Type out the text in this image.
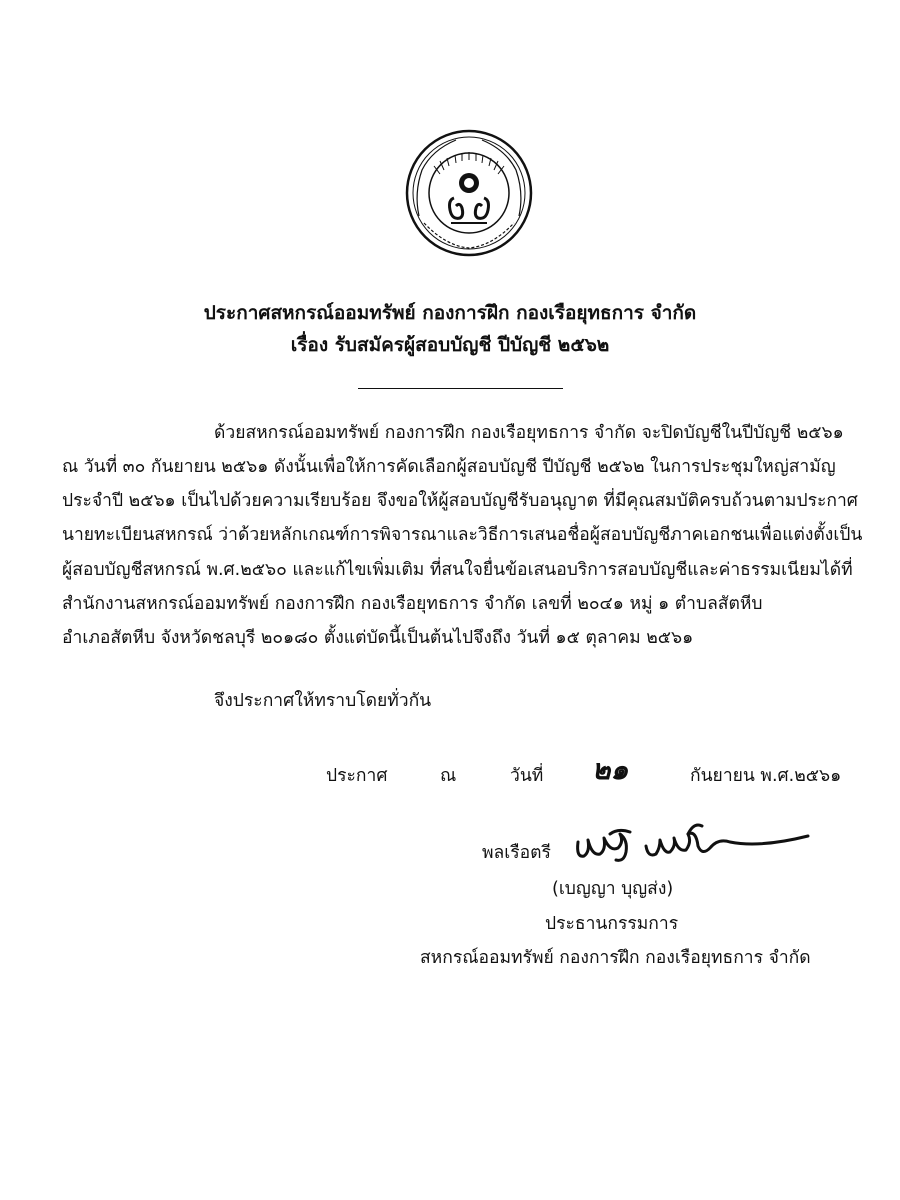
ประกาศสหกรณ์ออมทรัพย์ กองการฝึก กองเรือยุทธการ จำกัด
เรื่อง รับสมัครผู้สอบบัญชี ปีบัญชี ๒๕๖๒
ด้วยสหกรณ์ออมทรัพย์ กองการฝึก กองเรือยุทธการ จำกัด จะปิดบัญชีในปีบัญชี ๒๕๖๑
ณ วันที่ ๓๐ กันยายน ๒๕๖๑ ดังนั้นเพื่อให้การคัดเลือกผู้สอบบัญชี ปีบัญชี ๒๕๖๒ ในการประชุมใหญ่สามัญ
ประจำปี ๒๕๖๑ เป็นไปด้วยความเรียบร้อย จึงขอให้ผู้สอบบัญชีรับอนุญาต ที่มีคุณสมบัติครบถ้วนตามประกาศ
นายทะเบียนสหกรณ์ ว่าด้วยหลักเกณฑ์การพิจารณาและวิธีการเสนอชื่อผู้สอบบัญชีภาคเอกชนเพื่อแต่งตั้งเป็น
ผู้สอบบัญชีสหกรณ์ พ.ศ.๒๕๖๐ และแก้ไขเพิ่มเติม ที่สนใจยื่นข้อเสนอบริการสอบบัญชีและค่าธรรมเนียมได้ที่
สำนักงานสหกรณ์ออมทรัพย์ กองการฝึก กองเรือยุทธการ จำกัด เลขที่ ๒๐๔๑ หมู่ ๑ ตำบลสัตหีบ
อำเภอสัตหีบ จังหวัดชลบุรี ๒๐๑๘๐ ตั้งแต่บัดนี้เป็นต้นไปจึงถึง วันที่ ๑๕ ตุลาคม ๒๕๖๑
จึงประกาศให้ทราบโดยทั่วกัน
ประกาศ	ณ	วันที่ ๒๑	กันยายน พ.ศ.๒๕๖๑
พลเรือตรี
(เบญญา บุญส่ง)
ประธานกรรมการ
สหกรณ์ออมทรัพย์ กองการฝึก กองเรือยุทธการ จำกัด
